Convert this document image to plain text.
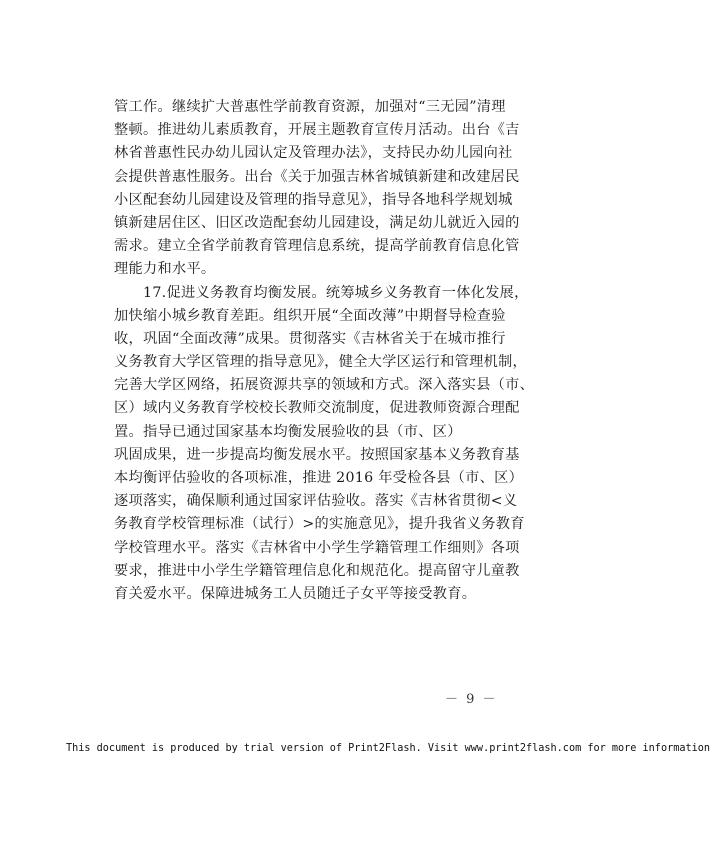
管工作。继续扩大普惠性学前教育资源，加强对“三无园”清理
整顿。推进幼儿素质教育，开展主题教育宣传月活动。出台《吉
林省普惠性民办幼儿园认定及管理办法》，支持民办幼儿园向社
会提供普惠性服务。出台《关于加强吉林省城镇新建和改建居民
小区配套幼儿园建设及管理的指导意见》，指导各地科学规划城
镇新建居住区、旧区改造配套幼儿园建设，满足幼儿就近入园的
需求。建立全省学前教育管理信息系统，提高学前教育信息化管
理能力和水平。
17.促进义务教育均衡发展。统筹城乡义务教育一体化发展，
加快缩小城乡教育差距。组织开展“全面改薄”中期督导检查验
收，巩固“全面改薄”成果。贯彻落实《吉林省关于在城市推行
义务教育大学区管理的指导意见》，健全大学区运行和管理机制，
完善大学区网络，拓展资源共享的领域和方式。深入落实县（市、
区）域内义务教育学校校长教师交流制度，促进教师资源合理配
置。指导已通过国家基本均衡发展验收的县（市、区）
巩固成果，进一步提高均衡发展水平。按照国家基本义务教育基
本均衡评估验收的各项标准，推进 2016 年受检各县（市、区）
逐项落实，确保顺利通过国家评估验收。落实《吉林省贯彻<义
务教育学校管理标准（试行）>的实施意见》，提升我省义务教育
学校管理水平。落实《吉林省中小学生学籍管理工作细则》各项
要求，推进中小学生学籍管理信息化和规范化。提高留守儿童教
育关爱水平。保障进城务工人员随迁子女平等接受教育。
－ 9 －
This document is produced by trial version of Print2Flash. Visit www.print2flash.com for more information
